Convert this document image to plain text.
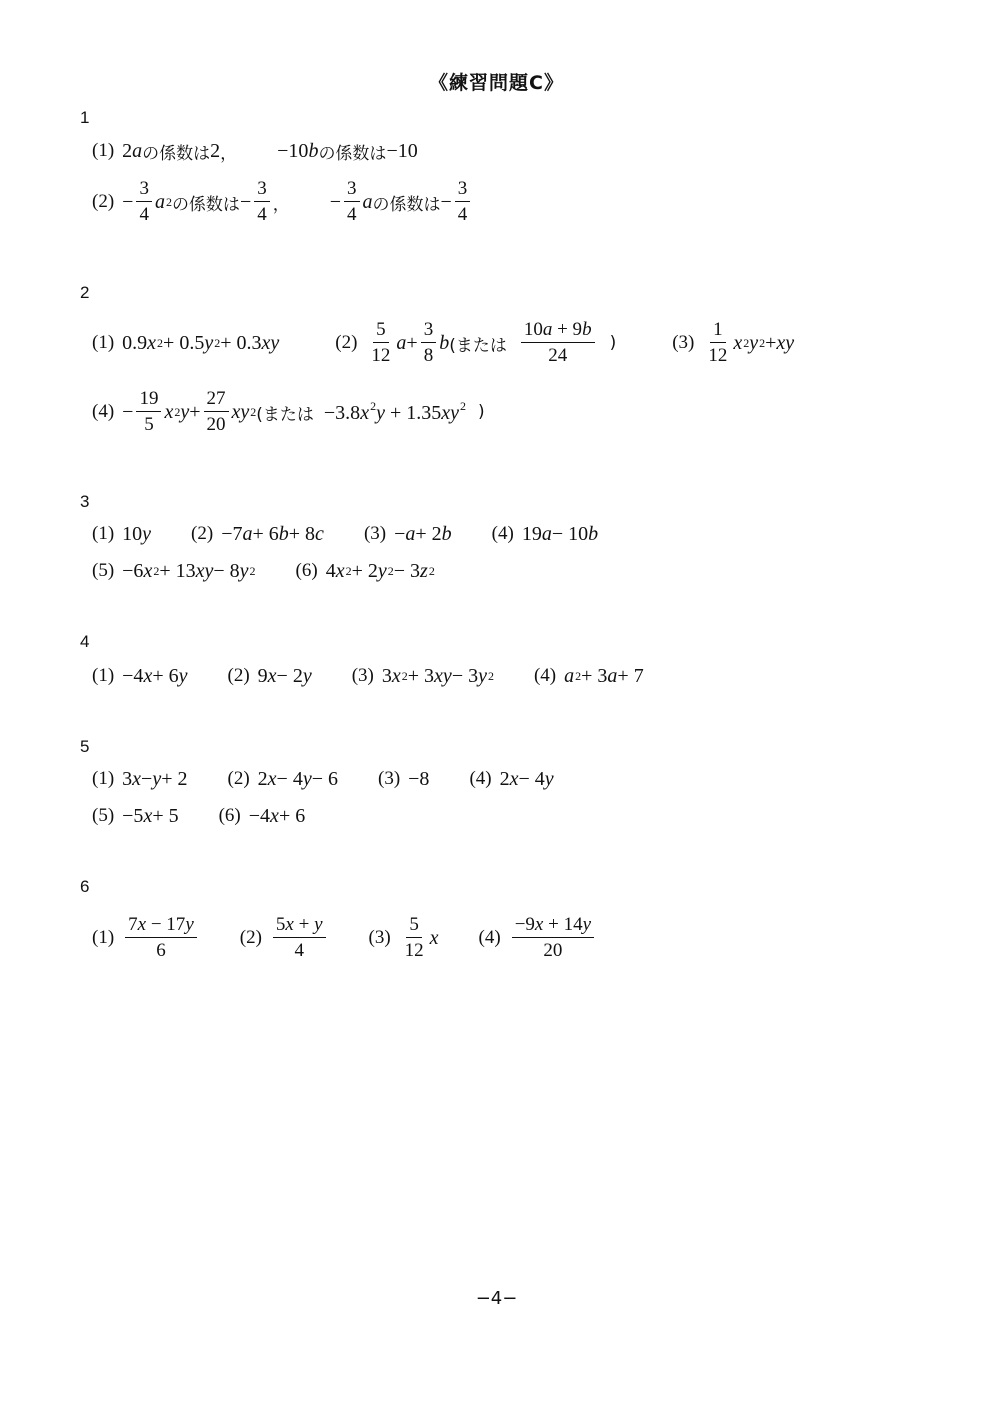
《練習問題C》
1
(1) 2 a の係数は 2 ， −10 b の係数は −10
$(2) - \frac{3}{4}$ a 2 の係数は − $\frac{3}{4}$ ， − $\frac{3}{4}$ a の係数は − $\frac{3}{4}$
2
(1) 0.9 x 2 + 0.5 y 2 + 0.3 xy	$(2) \frac{5}{12}$ $a + \frac{3}{8}$ b (または $\frac{10a + 9b}{24}$ )	$(3) \frac{1}{12}$ x 2 y 2 + xy
$(4) - \frac{19}{5}$ x 2 $y + \frac{27}{20}$ xy 2 (または $-3.8x^2y + 1.35xy^2$ )
3
(1) 10 y (2) −7 a + 6 b + 8 c (3) − a + 2 b (4) 19 a − 10 b
(5) −6 x 2 + 13 xy − 8 y 2 (6) 4 x 2 + 2 y 2 − 3 z 2
4
(1) −4 x + 6 y (2) 9 x − 2 y (3) 3 x 2 + 3 xy − 3 y 2 (4) a 2 + 3 a + 7
5
(1) 3 x − y + 2 (2) 2 x − 4 y − 6 (3) −8 (4) 2 x − 4 y
(5) −5 x + 5 (6) −4 x + 6
6
$(1) \frac{7x - 17y}{6} (2) \frac{5x + y}{4} (3) \frac{5}{12}$ x $(4) \frac{-9x + 14y}{20}$
−4−
